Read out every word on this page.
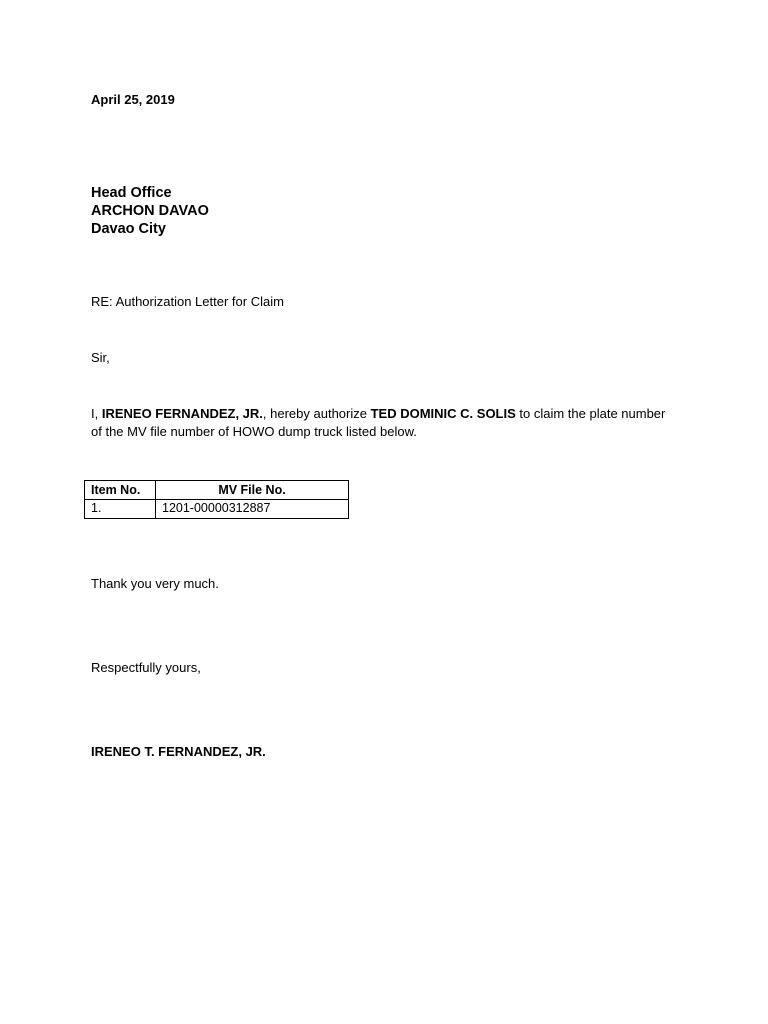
April 25, 2019
Head Office
ARCHON DAVAO
Davao City
RE: Authorization Letter for Claim
Sir,
I, IRENEO FERNANDEZ, JR., hereby authorize TED DOMINIC C. SOLIS to claim the plate number of the MV file number of HOWO dump truck listed below.
Item No.	MV File No.
1.	1201-00000312887
Thank you very much.
Respectfully yours,
IRENEO T. FERNANDEZ, JR.
